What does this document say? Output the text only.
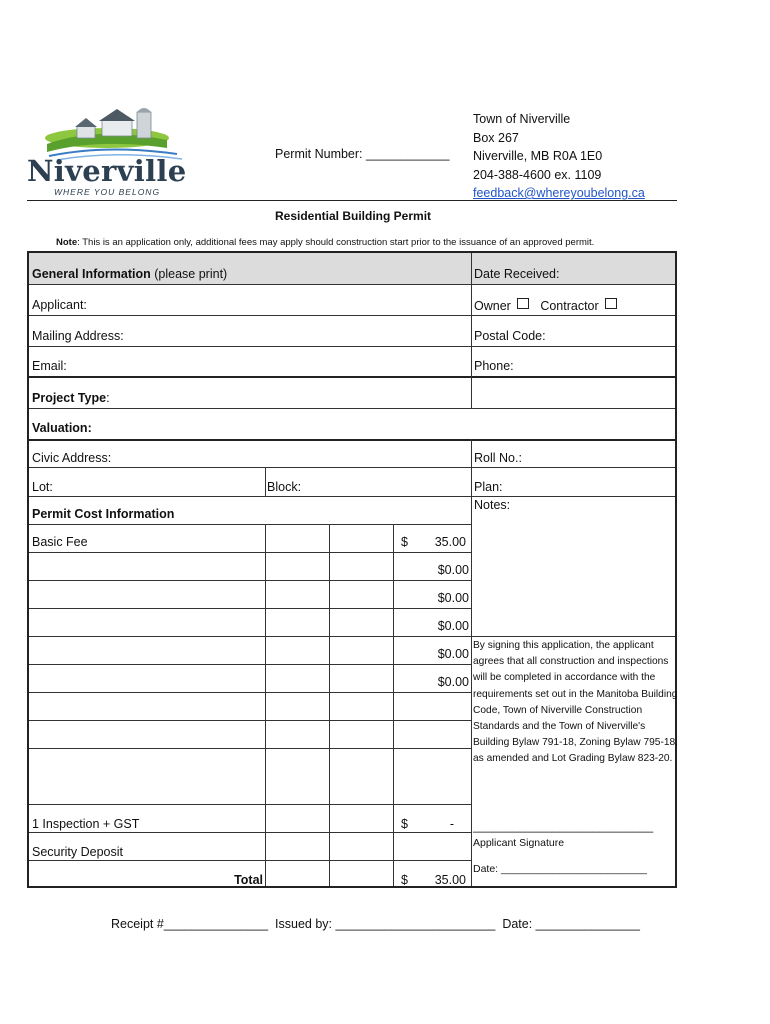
Niverville
WHERE YOU BELONG
Permit Number: ____________
Town of Niverville
Box 267
Niverville, MB R0A 1E0
204-388-4600 ex. 1109
feedback@whereyoubelong.ca
Residential Building Permit
Note: This is an application only, additional fees may apply should construction start prior to the issuance of an approved permit.
General Information (please print)	Date Received:
Applicant:	Owner Contractor
Mailing Address:	Postal Code:
Email:	Phone:
Project Type:
Valuation:
Civic Address:	Roll No.:
Lot:	Block:	Plan:
Permit Cost Information
Notes:
Basic Fee	$	35.00
$0.00
$0.00
$0.00
$0.00
$0.00
1 Inspection + GST	$	-
Security Deposit
Total	$	35.00
By signing this application, the applicant agrees that all construction and inspections will be completed in accordance with the requirements set out in the Manitoba Building Code, Town of Niverville Construction Standards and the Town of Niverville's Building Bylaw 791-18, Zoning Bylaw 795-18, as amended and Lot Grading Bylaw 823-20.
___________________________
Applicant Signature
Date: _________________________
Receipt #_______________  Issued by: _______________________  Date: _______________
